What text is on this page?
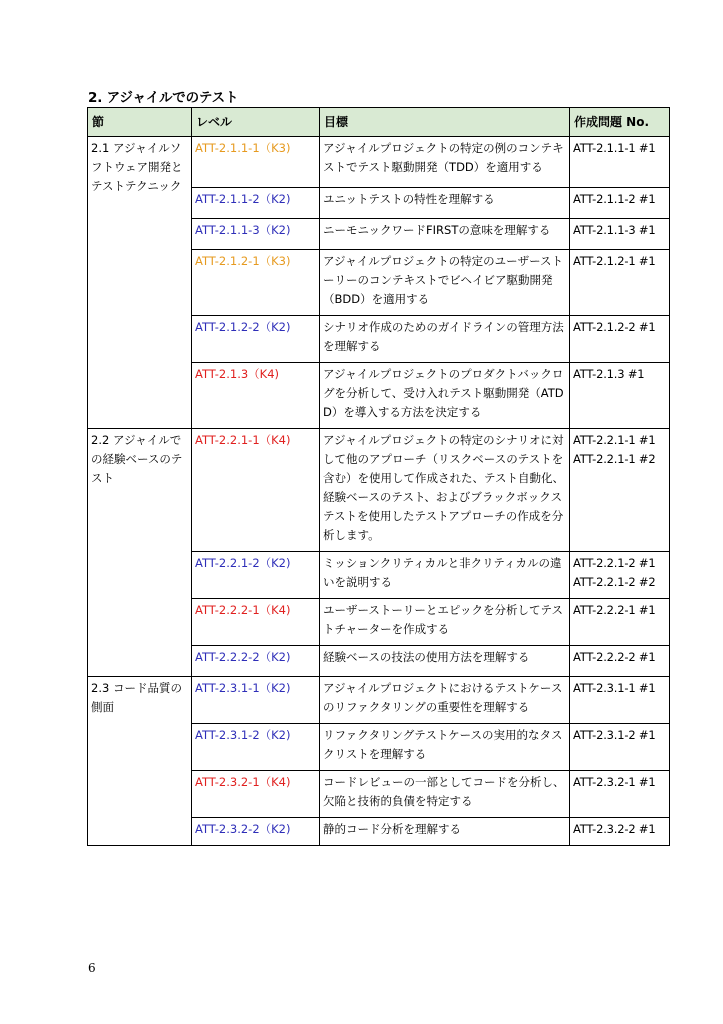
2. アジャイルでのテスト
節	レベル	目標	作成問題 No.
2.1 アジャイルソフトウェア開発とテストテクニック	ATT-2.1.1-1（K3)	アジャイルプロジェクトの特定の例のコンテキストでテスト駆動開発（TDD）を適用する	ATT-2.1.1-1 #1

	ATT-2.1.1-2（K2)	ユニットテストの特性を理解する	ATT-2.1.1-2 #1

	ATT-2.1.1-3（K2)	ニーモニックワードFIRSTの意味を理解する	ATT-2.1.1-3 #1

	ATT-2.1.2-1（K3)	アジャイルプロジェクトの特定のユーザーストーリーのコンテキストでビヘイビア駆動開発（BDD）を適用する	ATT-2.1.2-1 #1

	ATT-2.1.2-2（K2)	シナリオ作成のためのガイドラインの管理方法を理解する	ATT-2.1.2-2 #1

	ATT-2.1.3（K4)	アジャイルプロジェクトのプロダクトバックログを分析して、受け入れテスト駆動開発（ATDD）を導入する方法を決定する	ATT-2.1.3 #1

2.2 アジャイルでの経験ベースのテスト	ATT-2.2.1-1（K4)	アジャイルプロジェクトの特定のシナリオに対して他のアプローチ（リスクベースのテストを含む）を使用して作成された、テスト自動化、経験ベースのテスト、およびブラックボックステストを使用したテストアプローチの作成を分析します。	ATT-2.2.1-1 #1
ATT-2.2.1-1 #2

	ATT-2.2.1-2（K2)	ミッションクリティカルと非クリティカルの違いを説明する	ATT-2.2.1-2 #1
ATT-2.2.1-2 #2

	ATT-2.2.2-1（K4)	ユーザーストーリーとエピックを分析してテストチャーターを作成する	ATT-2.2.2-1 #1

	ATT-2.2.2-2（K2)	経験ベースの技法の使用方法を理解する	ATT-2.2.2-2 #1

2.3 コード品質の側面	ATT-2.3.1-1（K2)	アジャイルプロジェクトにおけるテストケースのリファクタリングの重要性を理解する	ATT-2.3.1-1 #1

	ATT-2.3.1-2（K2)	リファクタリングテストケースの実用的なタスクリストを理解する	ATT-2.3.1-2 #1

	ATT-2.3.2-1（K4)	コードレビューの一部としてコードを分析し、欠陥と技術的負債を特定する	ATT-2.3.2-1 #1

	ATT-2.3.2-2（K2)	静的コード分析を理解する	ATT-2.3.2-2 #1
6
